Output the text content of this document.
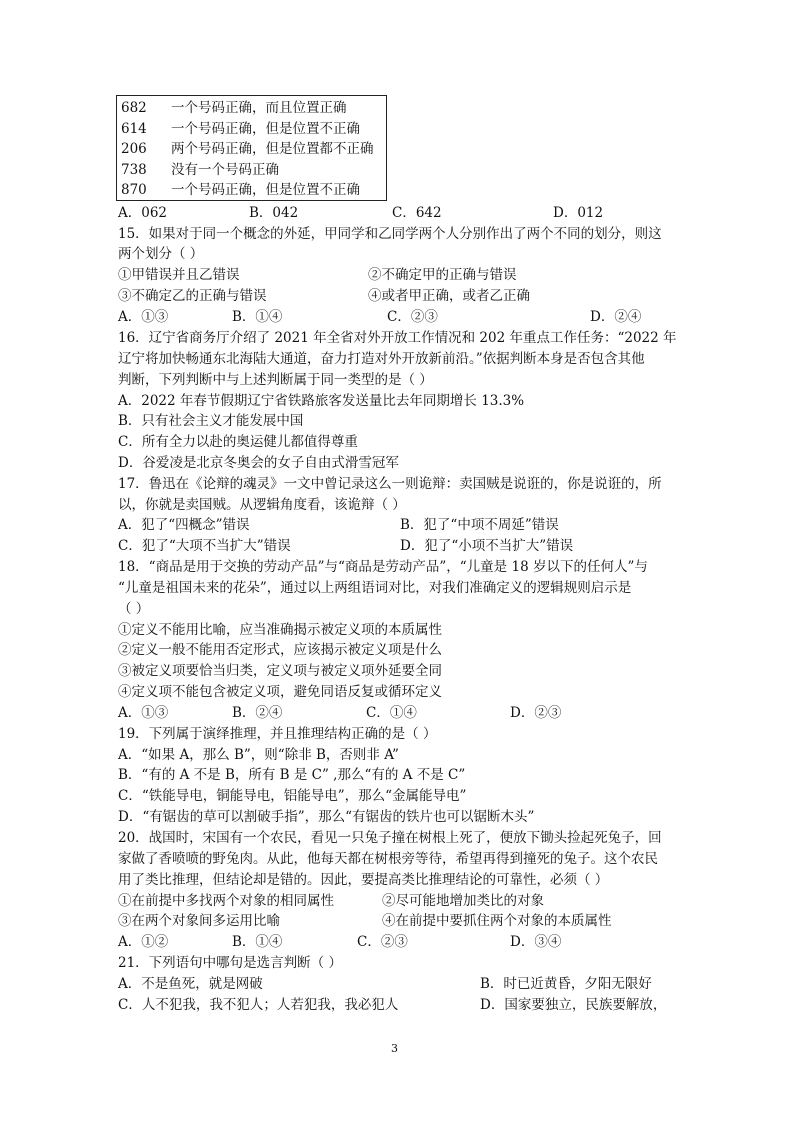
682 一个号码正确，而且位置正确
614 一个号码正确，但是位置不正确
206 两个号码正确，但是位置都不正确
738 没有一个号码正确
870 一个号码正确，但是位置不正确
A．062	B．042	C．642	D．012
15．如果对于同一个概念的外延，甲同学和乙同学两个人分别作出了两个不同的划分，则这
两个划分（ ）
①甲错误并且乙错误	②不确定甲的正确与错误
③不确定乙的正确与错误	④或者甲正确，或者乙正确
A．①③	B．①④	C．②③	D．②④
16．辽宁省商务厅介绍了 2021 年全省对外开放工作情况和 202 年重点工作任务：“2022 年
辽宁将加快畅通东北海陆大通道，奋力打造对外开放新前沿。”依据判断本身是否包含其他
判断，下列判断中与上述判断属于同一类型的是（ ）
A．2022 年春节假期辽宁省铁路旅客发送量比去年同期增长 13.3%
B．只有社会主义才能发展中国
C．所有全力以赴的奥运健儿都值得尊重
D．谷爱凌是北京冬奥会的女子自由式滑雪冠军
17．鲁迅在《论辩的魂灵》一文中曾记录这么一则诡辩：卖国贼是说诳的，你是说诳的，所
以，你就是卖国贼。从逻辑角度看，该诡辩（ ）
A．犯了“四概念”错误	B．犯了“中项不周延”错误
C．犯了“大项不当扩大”错误	D．犯了“小项不当扩大”错误
18．“商品是用于交换的劳动产品”与“商品是劳动产品”，“儿童是 18 岁以下的任何人”与
“儿童是祖国未来的花朵”，通过以上两组语词对比，对我们准确定义的逻辑规则启示是
（ ）
①定义不能用比喻，应当准确揭示被定义项的本质属性
②定义一般不能用否定形式，应该揭示被定义项是什么
③被定义项要恰当归类，定义项与被定义项外延要全同
④定义项不能包含被定义项，避免同语反复或循环定义
A．①③	B．②④	C．①④	D．②③
19．下列属于演绎推理，并且推理结构正确的是（ ）
A．“如果 A，那么 B”，则“除非 B，否则非 A”
B．“有的 A 不是 B，所有 B 是 C” ,那么“有的 A 不是 C”
C．“铁能导电，铜能导电，铝能导电”，那么“金属能导电”
D．“有锯齿的草可以割破手指”，那么“有锯齿的铁片也可以锯断木头”
20．战国时，宋国有一个农民，看见一只兔子撞在树根上死了，便放下锄头捡起死兔子，回
家做了香喷喷的野兔肉。从此，他每天都在树根旁等待，希望再得到撞死的兔子。这个农民
用了类比推理，但结论却是错的。因此，要提高类比推理结论的可靠性，必须（ ）
①在前提中多找两个对象的相同属性	②尽可能地增加类比的对象
③在两个对象间多运用比喻	④在前提中要抓住两个对象的本质属性
A．①②	B．①④	C．②③	D．③④
21．下列语句中哪句是选言判断（ ）
A．不是鱼死，就是网破	B．时已近黄昏，夕阳无限好
C．人不犯我，我不犯人；人若犯我，我必犯人	D．国家要独立，民族要解放，
3
